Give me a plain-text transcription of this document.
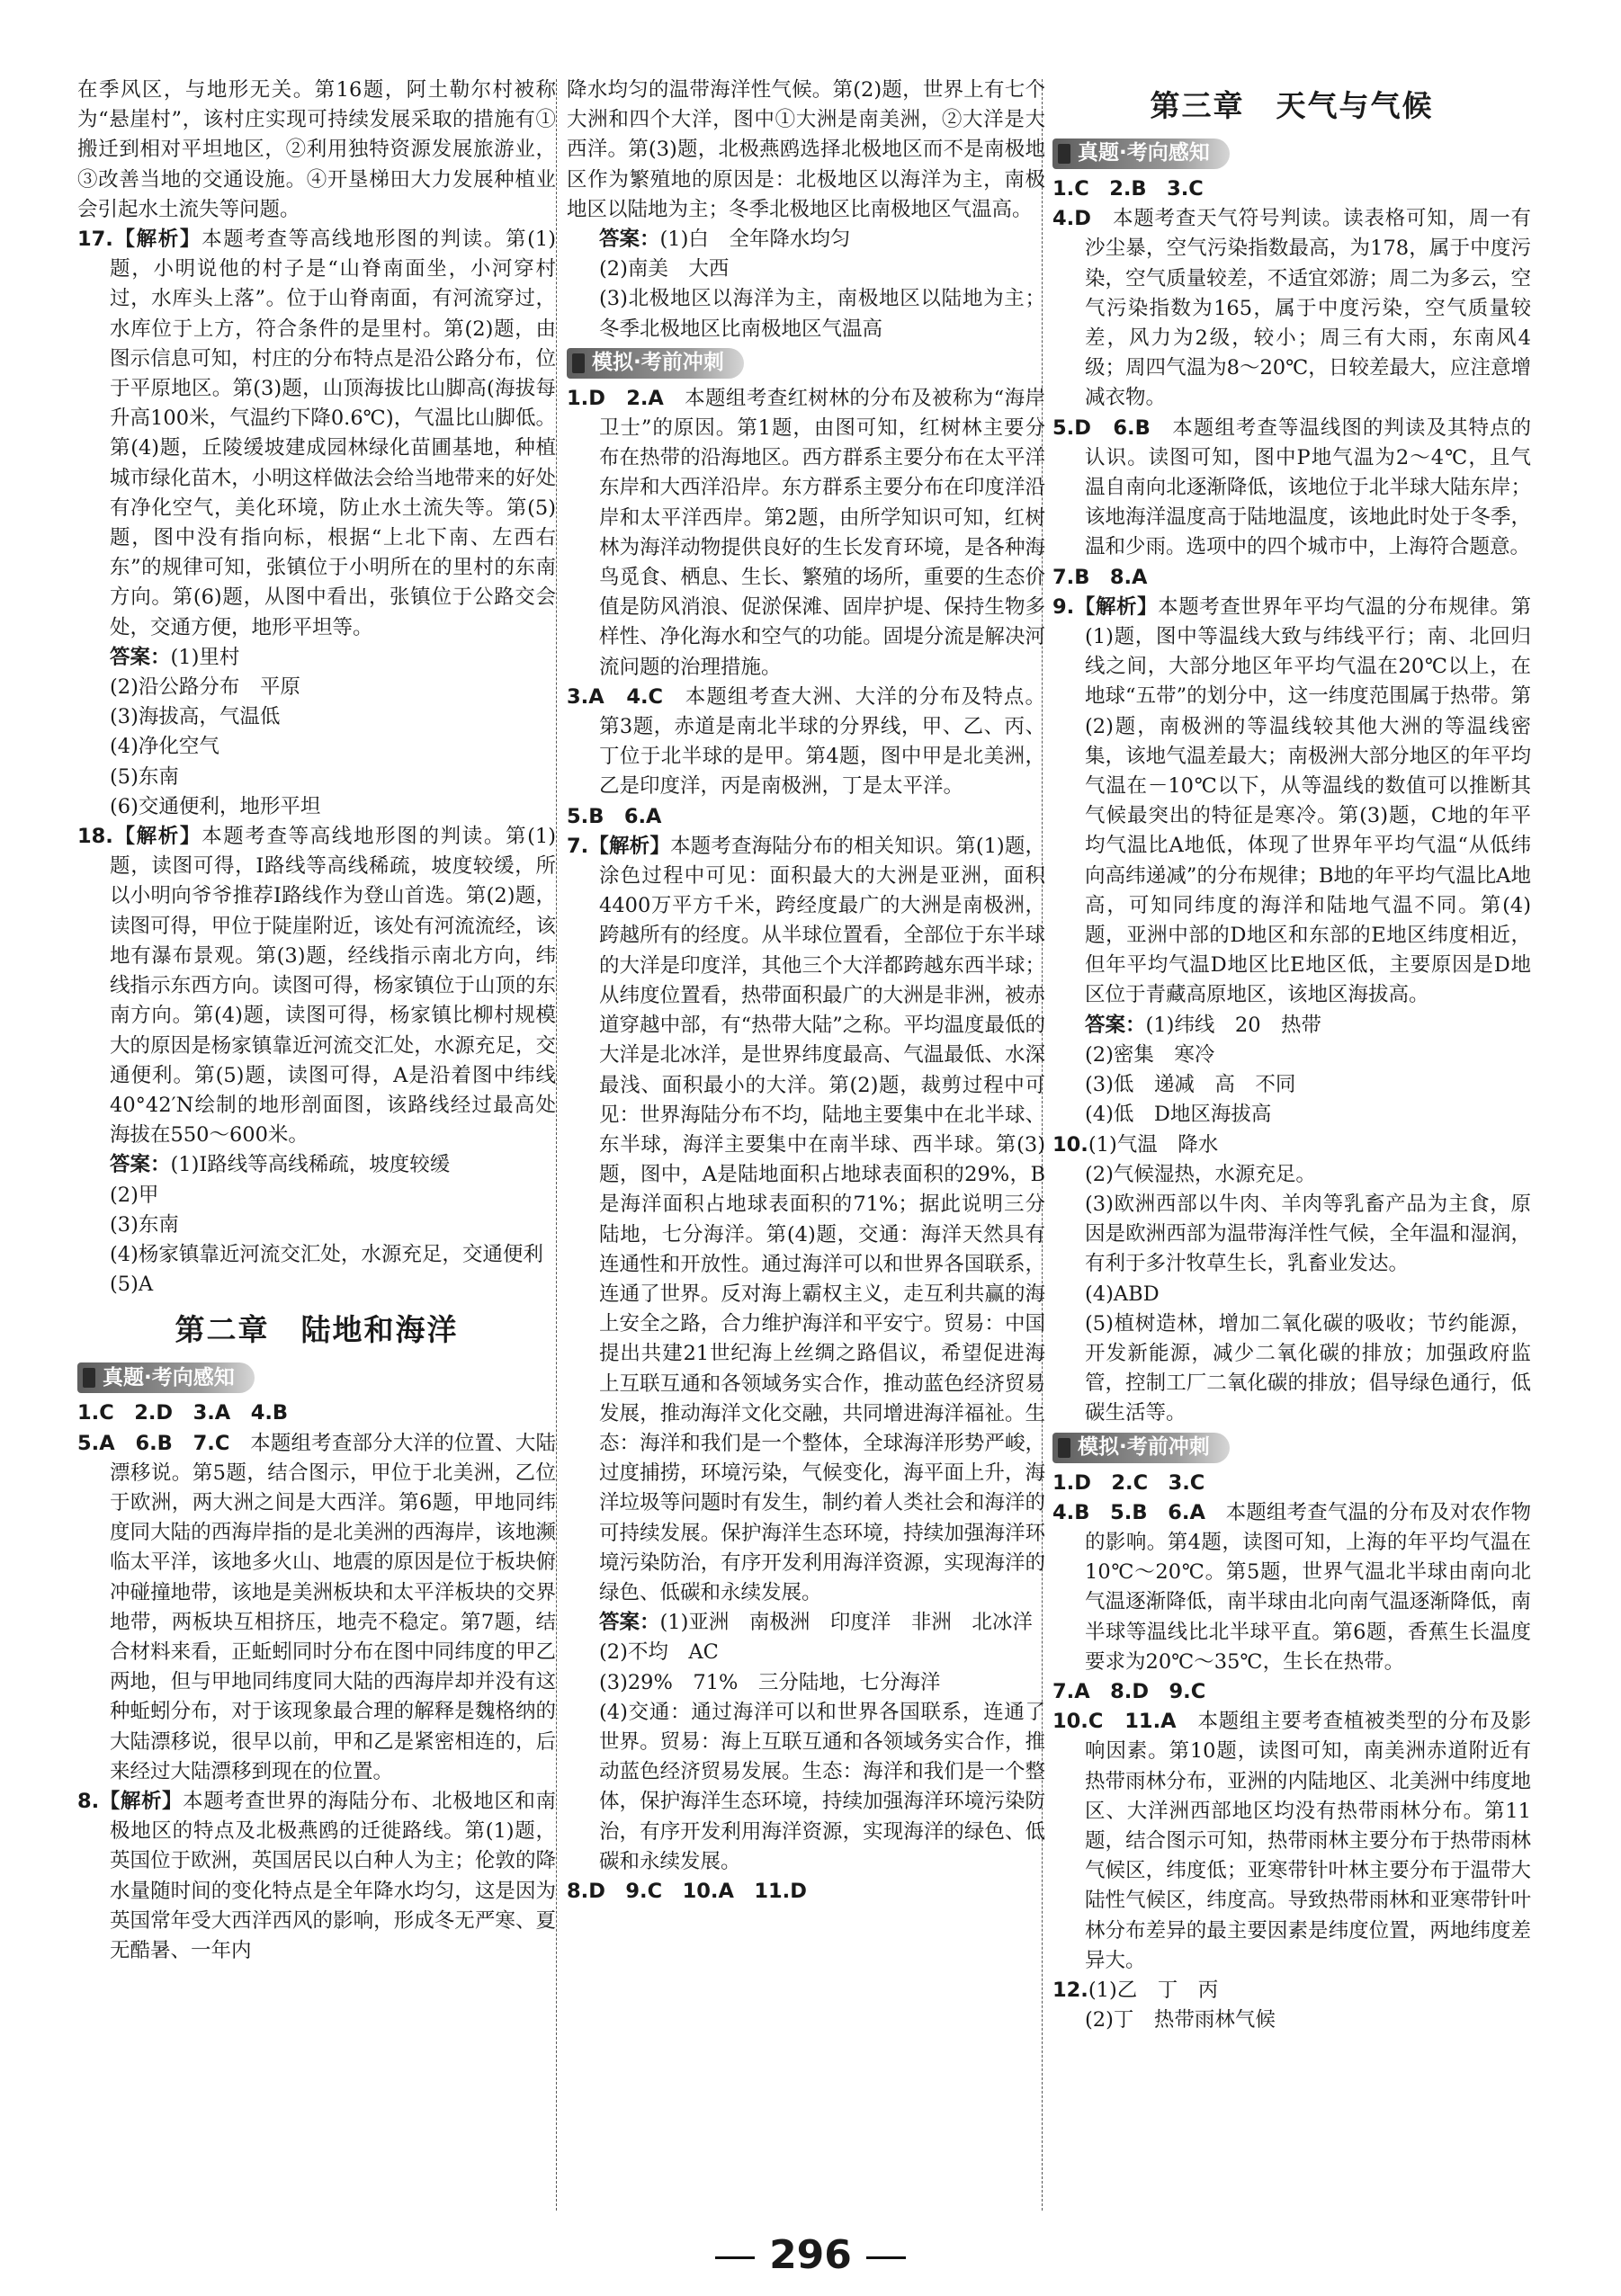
在季风区，与地形无关。第16题，阿土勒尔村被称为“悬崖村”，该村庄实现可持续发展采取的措施有①搬迁到相对平坦地区，②利用独特资源发展旅游业，③改善当地的交通设施。④开垦梯田大力发展种植业会引起水土流失等问题。

17.【解析】本题考查等高线地形图的判读。第(1)题，小明说他的村子是“山脊南面坐，小河穿村过，水库头上落”。位于山脊南面，有河流穿过，水库位于上方，符合条件的是里村。第(2)题，由图示信息可知，村庄的分布特点是沿公路分布，位于平原地区。第(3)题，山顶海拔比山脚高(海拔每升高100米，气温约下降0.6℃)，气温比山脚低。第(4)题，丘陵缓坡建成园林绿化苗圃基地，种植城市绿化苗木，小明这样做法会给当地带来的好处有净化空气，美化环境，防止水土流失等。第(5)题，图中没有指向标，根据“上北下南、左西右东”的规律可知，张镇位于小明所在的里村的东南方向。第(6)题，从图中看出，张镇位于公路交会处，交通方便，地形平坦等。

答案：(1)里村

(2)沿公路分布　平原

(3)海拔高，气温低

(4)净化空气

(5)东南

(6)交通便利，地形平坦

18.【解析】本题考查等高线地形图的判读。第(1)题，读图可得，Ⅰ路线等高线稀疏，坡度较缓，所以小明向爷爷推荐Ⅰ路线作为登山首选。第(2)题，读图可得，甲位于陡崖附近，该处有河流流经，该地有瀑布景观。第(3)题，经线指示南北方向，纬线指示东西方向。读图可得，杨家镇位于山顶的东南方向。第(4)题，读图可得，杨家镇比柳村规模大的原因是杨家镇靠近河流交汇处，水源充足，交通便利。第(5)题，读图可得，A是沿着图中纬线40°42′N绘制的地形剖面图，该路线经过最高处海拔在550～600米。

答案：(1)Ⅰ路线等高线稀疏，坡度较缓

(2)甲

(3)东南

(4)杨家镇靠近河流交汇处，水源充足，交通便利

(5)A

第二章　陆地和海洋
真题·考向感知

1.C　2.D　3.A　4.B

5.A　6.B　7.C　本题组考查部分大洋的位置、大陆漂移说。第5题，结合图示，甲位于北美洲，乙位于欧洲，两大洲之间是大西洋。第6题，甲地同纬度同大陆的西海岸指的是北美洲的西海岸，该地濒临太平洋，该地多火山、地震的原因是位于板块俯冲碰撞地带，该地是美洲板块和太平洋板块的交界地带，两板块互相挤压，地壳不稳定。第7题，结合材料来看，正蚯蚓同时分布在图中同纬度的甲乙两地，但与甲地同纬度同大陆的西海岸却并没有这种蚯蚓分布，对于该现象最合理的解释是魏格纳的大陆漂移说，很早以前，甲和乙是紧密相连的，后来经过大陆漂移到现在的位置。

8.【解析】本题考查世界的海陆分布、北极地区和南极地区的特点及北极燕鸥的迁徙路线。第(1)题，英国位于欧洲，英国居民以白种人为主；伦敦的降水量随时间的变化特点是全年降水均匀，这是因为英国常年受大西洋西风的影响，形成冬无严寒、夏无酷暑、一年内

降水均匀的温带海洋性气候。第(2)题，世界上有七个大洲和四个大洋，图中①大洲是南美洲，②大洋是大西洋。第(3)题，北极燕鸥选择北极地区而不是南极地区作为繁殖地的原因是：北极地区以海洋为主，南极地区以陆地为主；冬季北极地区比南极地区气温高。

答案：(1)白　全年降水均匀

(2)南美　大西

(3)北极地区以海洋为主，南极地区以陆地为主；冬季北极地区比南极地区气温高

模拟·考前冲刺

1.D　2.A　本题组考查红树林的分布及被称为“海岸卫士”的原因。第1题，由图可知，红树林主要分布在热带的沿海地区。西方群系主要分布在太平洋东岸和大西洋沿岸。东方群系主要分布在印度洋沿岸和太平洋西岸。第2题，由所学知识可知，红树林为海洋动物提供良好的生长发育环境，是各种海鸟觅食、栖息、生长、繁殖的场所，重要的生态价值是防风消浪、促淤保滩、固岸护堤、保持生物多样性、净化海水和空气的功能。固堤分流是解决河流问题的治理措施。

3.A　4.C　本题组考查大洲、大洋的分布及特点。第3题，赤道是南北半球的分界线，甲、乙、丙、丁位于北半球的是甲。第4题，图中甲是北美洲，乙是印度洋，丙是南极洲，丁是太平洋。

5.B　6.A

7.【解析】本题考查海陆分布的相关知识。第(1)题，涂色过程中可见：面积最大的大洲是亚洲，面积4400万平方千米，跨经度最广的大洲是南极洲，跨越所有的经度。从半球位置看，全部位于东半球的大洋是印度洋，其他三个大洋都跨越东西半球；从纬度位置看，热带面积最广的大洲是非洲，被赤道穿越中部，有“热带大陆”之称。平均温度最低的大洋是北冰洋，是世界纬度最高、气温最低、水深最浅、面积最小的大洋。第(2)题，裁剪过程中可见：世界海陆分布不均，陆地主要集中在北半球、东半球，海洋主要集中在南半球、西半球。第(3)题，图中，A是陆地面积占地球表面积的29%，B是海洋面积占地球表面积的71%；据此说明三分陆地，七分海洋。第(4)题，交通：海洋天然具有连通性和开放性。通过海洋可以和世界各国联系，连通了世界。反对海上霸权主义，走互利共赢的海上安全之路，合力维护海洋和平安宁。贸易：中国提出共建21世纪海上丝绸之路倡议，希望促进海上互联互通和各领域务实合作，推动蓝色经济贸易发展，推动海洋文化交融，共同增进海洋福祉。生态：海洋和我们是一个整体，全球海洋形势严峻，过度捕捞，环境污染，气候变化，海平面上升，海洋垃圾等问题时有发生，制约着人类社会和海洋的可持续发展。保护海洋生态环境，持续加强海洋环境污染防治，有序开发利用海洋资源，实现海洋的绿色、低碳和永续发展。

答案：(1)亚洲　南极洲　印度洋　非洲　北冰洋

(2)不均　AC

(3)29%　71%　三分陆地，七分海洋

(4)交通：通过海洋可以和世界各国联系，连通了世界。贸易：海上互联互通和各领域务实合作，推动蓝色经济贸易发展。生态：海洋和我们是一个整体，保护海洋生态环境，持续加强海洋环境污染防治，有序开发利用海洋资源，实现海洋的绿色、低碳和永续发展。

8.D　9.C　10.A　11.D

第三章　天气与气候
真题·考向感知

1.C　2.B　3.C

4.D　本题考查天气符号判读。读表格可知，周一有沙尘暴，空气污染指数最高，为178，属于中度污染，空气质量较差，不适宜郊游；周二为多云，空气污染指数为165，属于中度污染，空气质量较差，风力为2级，较小；周三有大雨，东南风4级；周四气温为8～20℃，日较差最大，应注意增减衣物。

5.D　6.B　本题组考查等温线图的判读及其特点的认识。读图可知，图中P地气温为2～4℃，且气温自南向北逐渐降低，该地位于北半球大陆东岸；该地海洋温度高于陆地温度，该地此时处于冬季，温和少雨。选项中的四个城市中，上海符合题意。

7.B　8.A

9.【解析】本题考查世界年平均气温的分布规律。第(1)题，图中等温线大致与纬线平行；南、北回归线之间，大部分地区年平均气温在20℃以上，在地球“五带”的划分中，这一纬度范围属于热带。第(2)题，南极洲的等温线较其他大洲的等温线密集，该地气温差最大；南极洲大部分地区的年平均气温在－10℃以下，从等温线的数值可以推断其气候最突出的特征是寒冷。第(3)题，C地的年平均气温比A地低，体现了世界年平均气温“从低纬向高纬递减”的分布规律；B地的年平均气温比A地高，可知同纬度的海洋和陆地气温不同。第(4)题，亚洲中部的D地区和东部的E地区纬度相近，但年平均气温D地区比E地区低，主要原因是D地区位于青藏高原地区，该地区海拔高。

答案：(1)纬线　20　热带

(2)密集　寒冷

(3)低　递减　高　不同

(4)低　D地区海拔高

10.(1)气温　降水

(2)气候湿热，水源充足。

(3)欧洲西部以牛肉、羊肉等乳畜产品为主食，原因是欧洲西部为温带海洋性气候，全年温和湿润，有利于多汁牧草生长，乳畜业发达。

(4)ABD

(5)植树造林，增加二氧化碳的吸收；节约能源，开发新能源，减少二氧化碳的排放；加强政府监管，控制工厂二氧化碳的排放；倡导绿色通行，低碳生活等。

模拟·考前冲刺

1.D　2.C　3.C

4.B　5.B　6.A　本题组考查气温的分布及对农作物的影响。第4题，读图可知，上海的年平均气温在10℃～20℃。第5题，世界气温北半球由南向北气温逐渐降低，南半球由北向南气温逐渐降低，南半球等温线比北半球平直。第6题，香蕉生长温度要求为20℃～35℃，生长在热带。

7.A　8.D　9.C

10.C　11.A　本题组主要考查植被类型的分布及影响因素。第10题，读图可知，南美洲赤道附近有热带雨林分布，亚洲的内陆地区、北美洲中纬度地区、大洋洲西部地区均没有热带雨林分布。第11题，结合图示可知，热带雨林主要分布于热带雨林气候区，纬度低；亚寒带针叶林主要分布于温带大陆性气候区，纬度高。导致热带雨林和亚寒带针叶林分布差异的最主要因素是纬度位置，两地纬度差异大。

12.(1)乙　丁　丙

(2)丁　热带雨林气候

296
